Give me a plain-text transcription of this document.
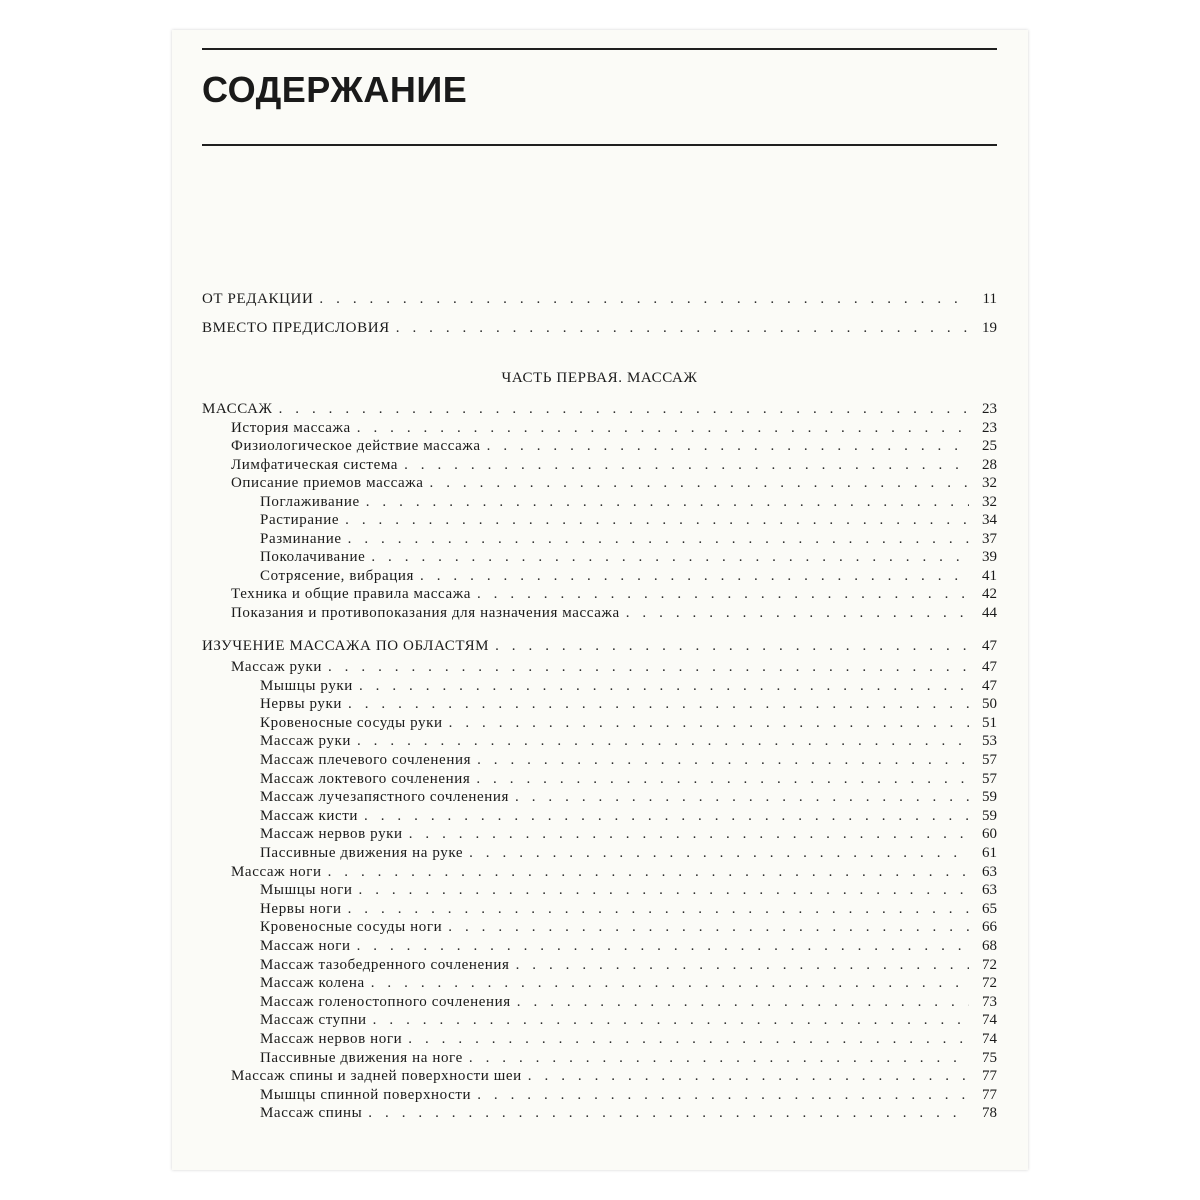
СОДЕРЖАНИЕ
ОТ РЕДАКЦИИ . . .	11
ВМЕСТО ПРЕДИСЛОВИЯ . . .	19
ЧАСТЬ ПЕРВАЯ. МАССАЖ
МАССАЖ . . .	23
История массажа . . .	23
Физиологическое действие массажа . . .	25
Лимфатическая система . . .	28
Описание приемов массажа . . .	32
Поглаживание . . .	32
Растирание . . .	34
Разминание . . .	37
Поколачивание . . .	39
Сотрясение, вибрация . . .	41
Техника и общие правила массажа . . .	42
Показания и противопоказания для назначения массажа . . .	44
ИЗУЧЕНИЕ МАССАЖА ПО ОБЛАСТЯМ . . .	47
Массаж руки . . .	47
Мышцы руки . . .	47
Нервы руки . . .	50
Кровеносные сосуды руки . . .	51
Массаж руки . . .	53
Массаж плечевого сочленения . . .	57
Массаж локтевого сочленения . . .	57
Массаж лучезапястного сочленения . . .	59
Массаж кисти . . .	59
Массаж нервов руки . . .	60
Пассивные движения на руке . . .	61
Массаж ноги . . .	63
Мышцы ноги . . .	63
Нервы ноги . . .	65
Кровеносные сосуды ноги . . .	66
Массаж ноги . . .	68
Массаж тазобедренного сочленения . . .	72
Массаж колена . . .	72
Массаж голеностопного сочленения . . .	73
Массаж ступни . . .	74
Массаж нервов ноги . . .	74
Пассивные движения на ноге . . .	75
Массаж спины и задней поверхности шеи . . .	77
Мышцы спинной поверхности . . .	77
Массаж спины . . .	78
